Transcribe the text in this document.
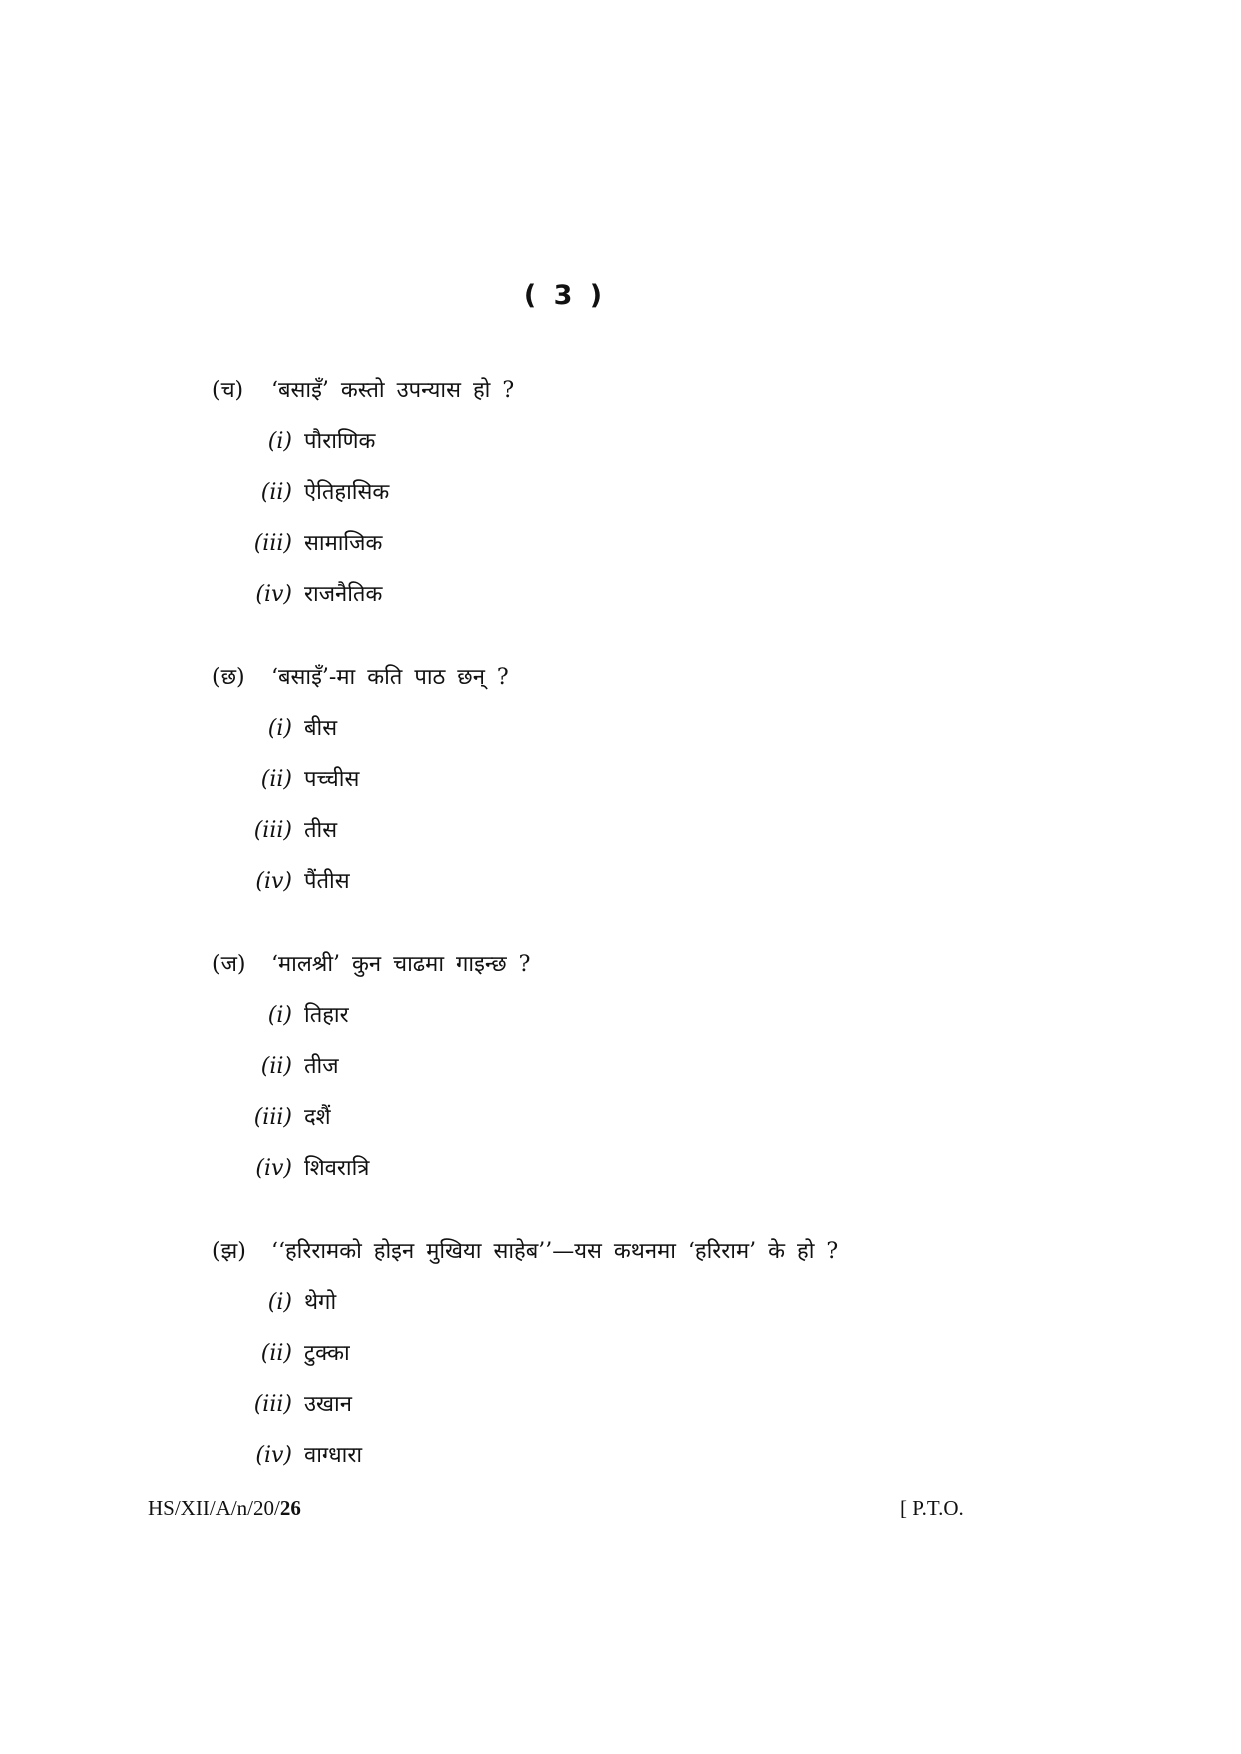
( 3 )
(च) ‘बसाइँ’ कस्तो उपन्यास हो ?
(i) पौराणिक
(ii) ऐतिहासिक
(iii) सामाजिक
(iv) राजनैतिक
(छ) ‘बसाइँ’-मा कति पाठ छन् ?
(i) बीस
(ii) पच्चीस
(iii) तीस
(iv) पैंतीस
(ज) ‘मालश्री’ कुन चाढमा गाइन्छ ?
(i) तिहार
(ii) तीज
(iii) दशैं
(iv) शिवरात्रि
(झ) ‘‘हरिरामको होइन मुखिया साहेब’’—यस कथनमा ‘हरिराम’ के हो ?
(i) थेगो
(ii) टुक्का
(iii) उखान
(iv) वाग्धारा
HS/XII/A/n/20/26	[ P.T.O.
